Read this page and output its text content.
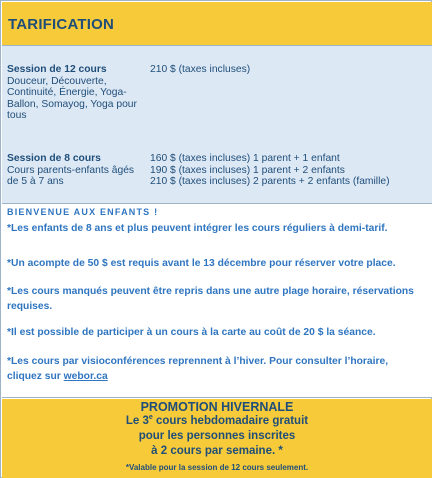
TARIFICATION
Session de 12 cours
Douceur, Découverte, Continuité, Énergie, Yoga-Ballon, Somayog, Yoga pour tous
210 $ (taxes incluses)
Session de 8 cours
Cours parents-enfants âgés de 5 à 7 ans
160 $ (taxes incluses) 1 parent + 1 enfant
190 $ (taxes incluses) 1 parent + 2 enfants
210 $ (taxes incluses) 2 parents + 2 enfants (famille)
BIENVENUE AUX ENFANTS !
*Les enfants de 8 ans et plus peuvent intégrer les cours réguliers à demi-tarif.
*Un acompte de 50 $ est requis avant le 13 décembre pour réserver votre place.
*Les cours manqués peuvent être repris dans une autre plage horaire, réservations requises.
*Il est possible de participer à un cours à la carte au coût de 20 $ la séance.
*Les cours par visioconférences reprennent à l’hiver. Pour consulter l’horaire, cliquez sur webor.ca
PROMOTION HIVERNALE
Le 3e cours hebdomadaire gratuit
pour les personnes inscrites
à 2 cours par semaine. *
*Valable pour la session de 12 cours seulement.
